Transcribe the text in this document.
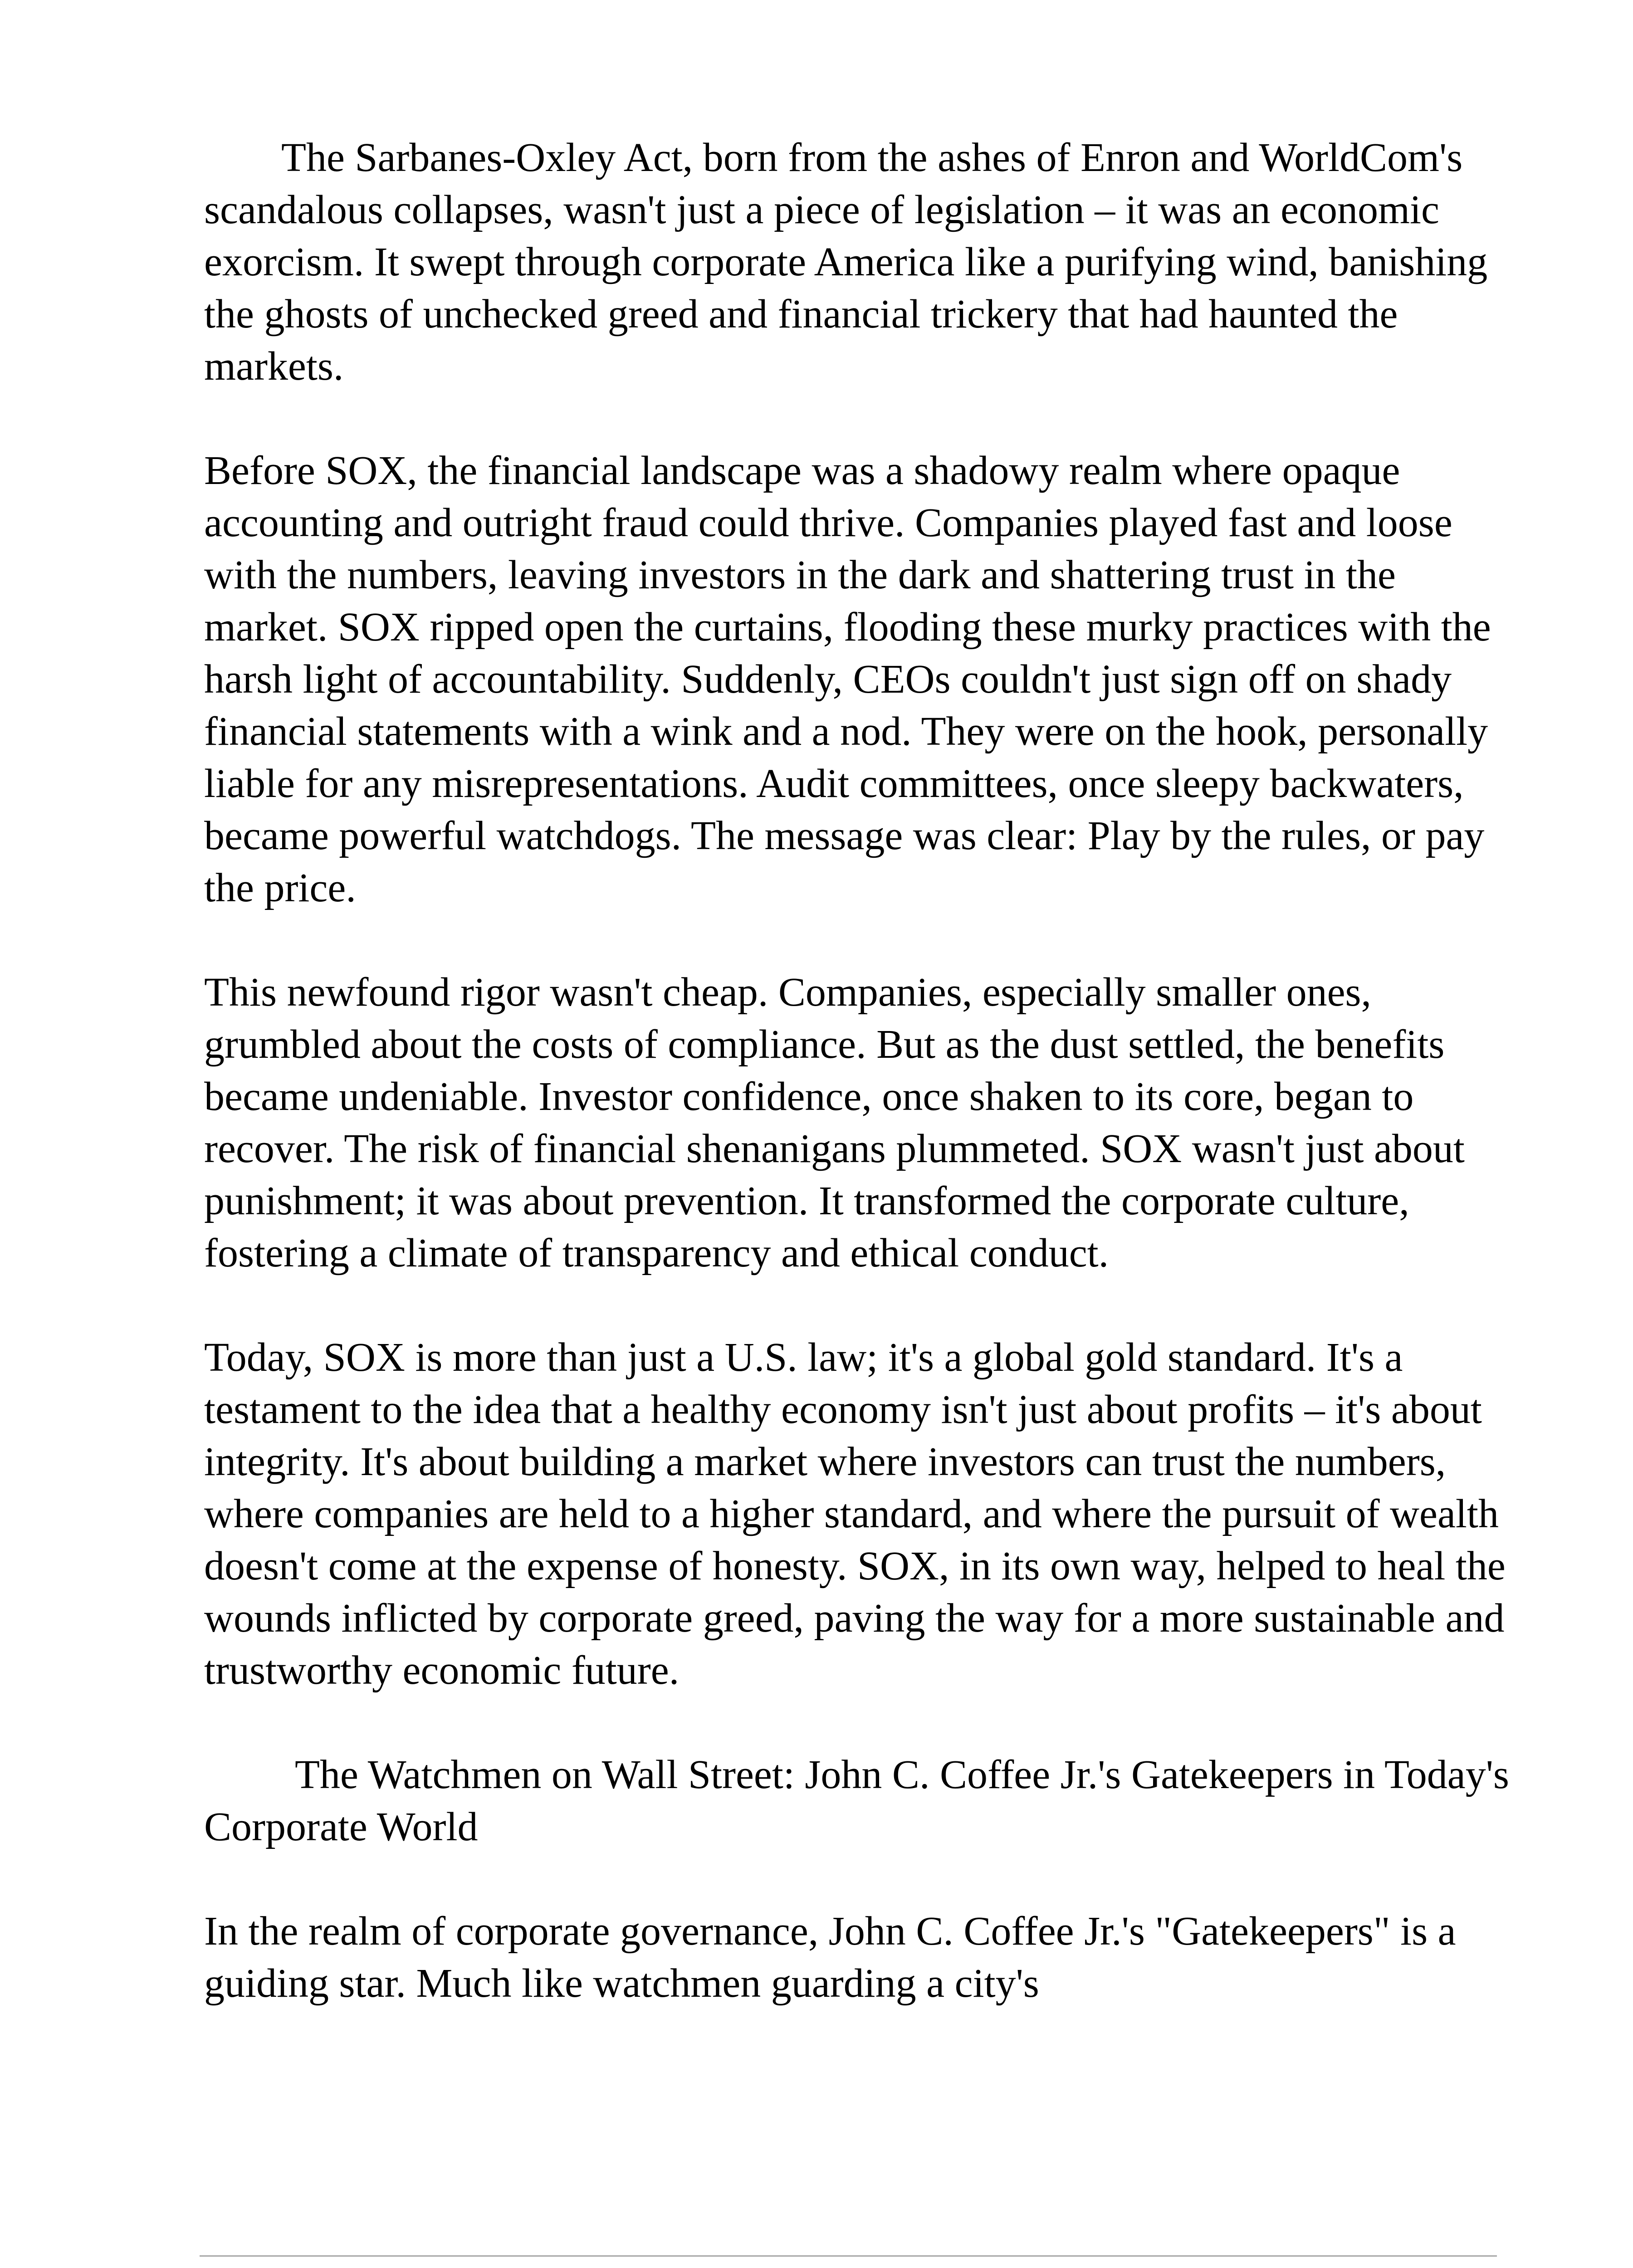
The Sarbanes-Oxley Act, born from the ashes of Enron and WorldCom's scandalous collapses, wasn't just a piece of legislation – it was an economic exorcism. It swept through corporate America like a purifying wind, banishing the ghosts of unchecked greed and financial trickery that had haunted the markets.

Before SOX, the financial landscape was a shadowy realm where opaque accounting and outright fraud could thrive. Companies played fast and loose with the numbers, leaving investors in the dark and shattering trust in the market. SOX ripped open the curtains, flooding these murky practices with the harsh light of accountability. Suddenly, CEOs couldn't just sign off on shady financial statements with a wink and a nod. They were on the hook, personally liable for any misrepresentations. Audit committees, once sleepy backwaters, became powerful watchdogs. The message was clear: Play by the rules, or pay the price.

This newfound rigor wasn't cheap. Companies, especially smaller ones, grumbled about the costs of compliance. But as the dust settled, the benefits became undeniable. Investor confidence, once shaken to its core, began to recover. The risk of financial shenanigans plummeted. SOX wasn't just about punishment; it was about prevention. It transformed the corporate culture, fostering a climate of transparency and ethical conduct.

Today, SOX is more than just a U.S. law; it's a global gold standard. It's a testament to the idea that a healthy economy isn't just about profits – it's about integrity. It's about building a market where investors can trust the numbers, where companies are held to a higher standard, and where the pursuit of wealth doesn't come at the expense of honesty. SOX, in its own way, helped to heal the wounds inflicted by corporate greed, paving the way for a more sustainable and trustworthy economic future.

The Watchmen on Wall Street: John C. Coffee Jr.'s Gatekeepers in Today's Corporate World

In the realm of corporate governance, John C. Coffee Jr.'s "Gatekeepers" is a guiding star. Much like watchmen guarding a city's
